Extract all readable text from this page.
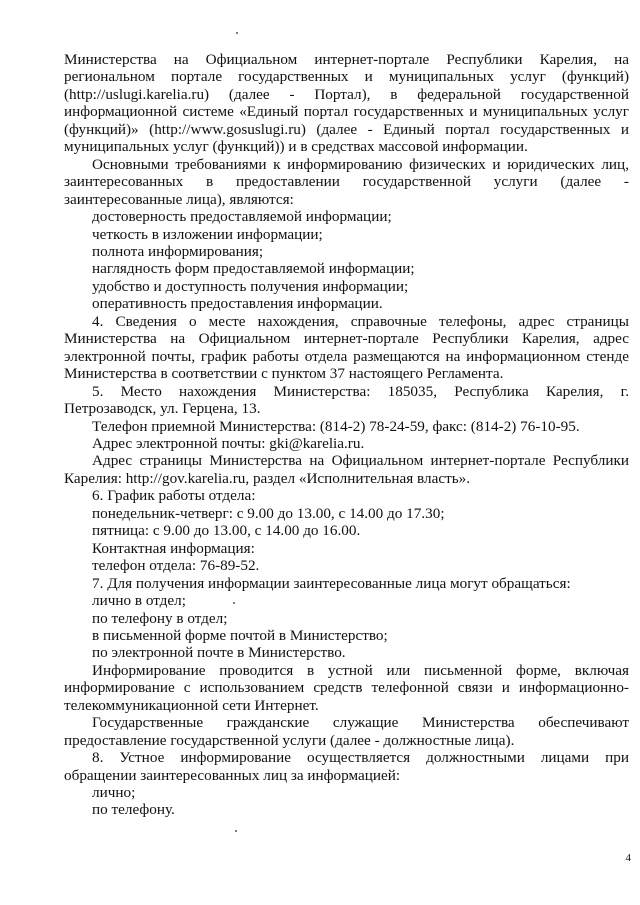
Министерства на Официальном интернет-портале Республики Карелия, на региональном портале государственных и муниципальных услуг (функций) (http://uslugi.karelia.ru) (далее - Портал), в федеральной государственной информационной системе «Единый портал государственных и муниципальных услуг (функций)» (http://www.gosuslugi.ru) (далее - Единый портал государственных и муниципальных услуг (функций)) и в средствах массовой информации.

Основными требованиями к информированию физических и юридических лиц, заинтересованных в предоставлении государственной услуги (далее - заинтересованные лица), являются:

достоверность предоставляемой информации;

четкость в изложении информации;

полнота информирования;

наглядность форм предоставляемой информации;

удобство и доступность получения информации;

оперативность предоставления информации.

4. Сведения о месте нахождения, справочные телефоны, адрес страницы Министерства на Официальном интернет-портале Республики Карелия, адрес электронной почты, график работы отдела размещаются на информационном стенде Министерства в соответствии с пунктом 37 настоящего Регламента.

5. Место нахождения Министерства: 185035, Республика Карелия, г. Петрозаводск, ул. Герцена, 13.

Телефон приемной Министерства: (814-2) 78-24-59, факс: (814-2) 76-10-95.

Адрес электронной почты: gki@karelia.ru.

Адрес страницы Министерства на Официальном интернет-портале Республики Карелия: http://gov.karelia.ru, раздел «Исполнительная власть».

6. График работы отдела:

понедельник-четверг: с 9.00 до 13.00, с 14.00 до 17.30;

пятница: с 9.00 до 13.00, с 14.00 до 16.00.

Контактная информация:

телефон отдела: 76-89-52.

7. Для получения информации заинтересованные лица могут обращаться:

лично в отдел;

по телефону в отдел;

в письменной форме почтой в Министерство;

по электронной почте в Министерство.

Информирование проводится в устной или письменной форме, включая информирование с использованием средств телефонной связи и информационно-телекоммуникационной сети Интернет.

Государственные гражданские служащие Министерства обеспечивают предоставление государственной услуги (далее - должностные лица).

8. Устное информирование осуществляется должностными лицами при обращении заинтересованных лиц за информацией:

лично;

по телефону.

4
